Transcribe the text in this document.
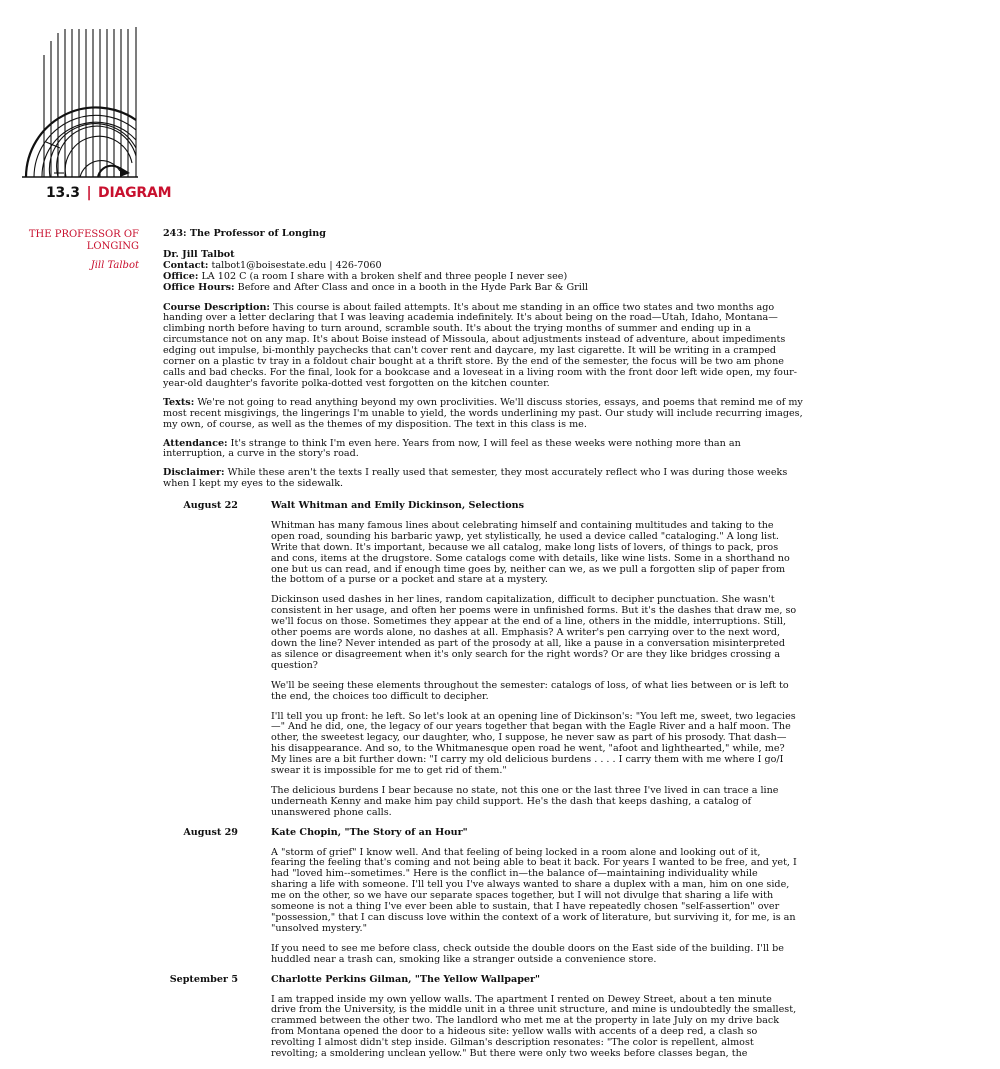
13.3 | DIAGRAM
THE PROFESSOR OF LONGING
Jill Talbot
243: The Professor of Longing
Dr. Jill Talbot
Contact: talbot1@boisestate.edu | 426-7060
Office: LA 102 C (a room I share with a broken shelf and three people I never see)
Office Hours: Before and After Class and once in a booth in the Hyde Park Bar & Grill

Course Description: This course is about failed attempts. It's about me standing in an office two states and two months ago handing over a letter declaring that I was leaving academia indefinitely. It's about being on the road—Utah, Idaho, Montana—climbing north before having to turn around, scramble south. It's about the trying months of summer and ending up in a circumstance not on any map. It's about Boise instead of Missoula, about adjustments instead of adventure, about impediments edging out impulse, bi-monthly paychecks that can't cover rent and daycare, my last cigarette. It will be writing in a cramped corner on a plastic tv tray in a foldout chair bought at a thrift store. By the end of the semester, the focus will be two am phone calls and bad checks. For the final, look for a bookcase and a loveseat in a living room with the front door left wide open, my four-year-old daughter's favorite polka-dotted vest forgotten on the kitchen counter.

Texts: We're not going to read anything beyond my own proclivities. We'll discuss stories, essays, and poems that remind me of my most recent misgivings, the lingerings I'm unable to yield, the words underlining my past. Our study will include recurring images, my own, of course, as well as the themes of my disposition. The text in this class is me.

Attendance: It's strange to think I'm even here. Years from now, I will feel as these weeks were nothing more than an interruption, a curve in the story's road.

Disclaimer: While these aren't the texts I really used that semester, they most accurately reflect who I was during those weeks when I kept my eyes to the sidewalk.

August 22	Walt Whitman and Emily Dickinson, Selections

Whitman has many famous lines about celebrating himself and containing multitudes and taking to the open road, sounding his barbaric yawp, yet stylistically, he used a device called "cataloging." A long list. Write that down. It's important, because we all catalog, make long lists of lovers, of things to pack, pros and cons, items at the drugstore. Some catalogs come with details, like wine lists. Some in a shorthand no one but us can read, and if enough time goes by, neither can we, as we pull a forgotten slip of paper from the bottom of a purse or a pocket and stare at a mystery.

Dickinson used dashes in her lines, random capitalization, difficult to decipher punctuation. She wasn't consistent in her usage, and often her poems were in unfinished forms. But it's the dashes that draw me, so we'll focus on those. Sometimes they appear at the end of a line, others in the middle, interruptions. Still, other poems are words alone, no dashes at all. Emphasis? A writer's pen carrying over to the next word, down the line? Never intended as part of the prosody at all, like a pause in a conversation misinterpreted as silence or disagreement when it's only search for the right words? Or are they like bridges crossing a question?

We'll be seeing these elements throughout the semester: catalogs of loss, of what lies between or is left to the end, the choices too difficult to decipher.

I'll tell you up front: he left. So let's look at an opening line of Dickinson's: "You left me, sweet, two legacies—" And he did, one, the legacy of our years together that began with the Eagle River and a half moon. The other, the sweetest legacy, our daughter, who, I suppose, he never saw as part of his prosody. That dash—his disappearance. And so, to the Whitmanesque open road he went, "afoot and lighthearted," while, me? My lines are a bit further down: "I carry my old delicious burdens . . . . I carry them with me where I go/I swear it is impossible for me to get rid of them."

The delicious burdens I bear because no state, not this one or the last three I've lived in can trace a line underneath Kenny and make him pay child support. He's the dash that keeps dashing, a catalog of unanswered phone calls.

August 29	Kate Chopin, "The Story of an Hour"

A "storm of grief" I know well. And that feeling of being locked in a room alone and looking out of it, fearing the feeling that's coming and not being able to beat it back. For years I wanted to be free, and yet, I had "loved him--sometimes." Here is the conflict in—the balance of—maintaining individuality while sharing a life with someone. I'll tell you I've always wanted to share a duplex with a man, him on one side, me on the other, so we have our separate spaces together, but I will not divulge that sharing a life with someone is not a thing I've ever been able to sustain, that I have repeatedly chosen "self-assertion" over "possession," that I can discuss love within the context of a work of literature, but surviving it, for me, is an "unsolved mystery."

If you need to see me before class, check outside the double doors on the East side of the building. I'll be huddled near a trash can, smoking like a stranger outside a convenience store.

September 5	Charlotte Perkins Gilman, "The Yellow Wallpaper"

I am trapped inside my own yellow walls. The apartment I rented on Dewey Street, about a ten minute drive from the University, is the middle unit in a three unit structure, and mine is undoubtedly the smallest, crammed between the other two. The landlord who met me at the property in late July on my drive back from Montana opened the door to a hideous site: yellow walls with accents of a deep red, a clash so revolting I almost didn't step inside. Gilman's description resonates: "The color is repellent, almost revolting; a smoldering unclean yellow." But there were only two weeks before classes began, the
